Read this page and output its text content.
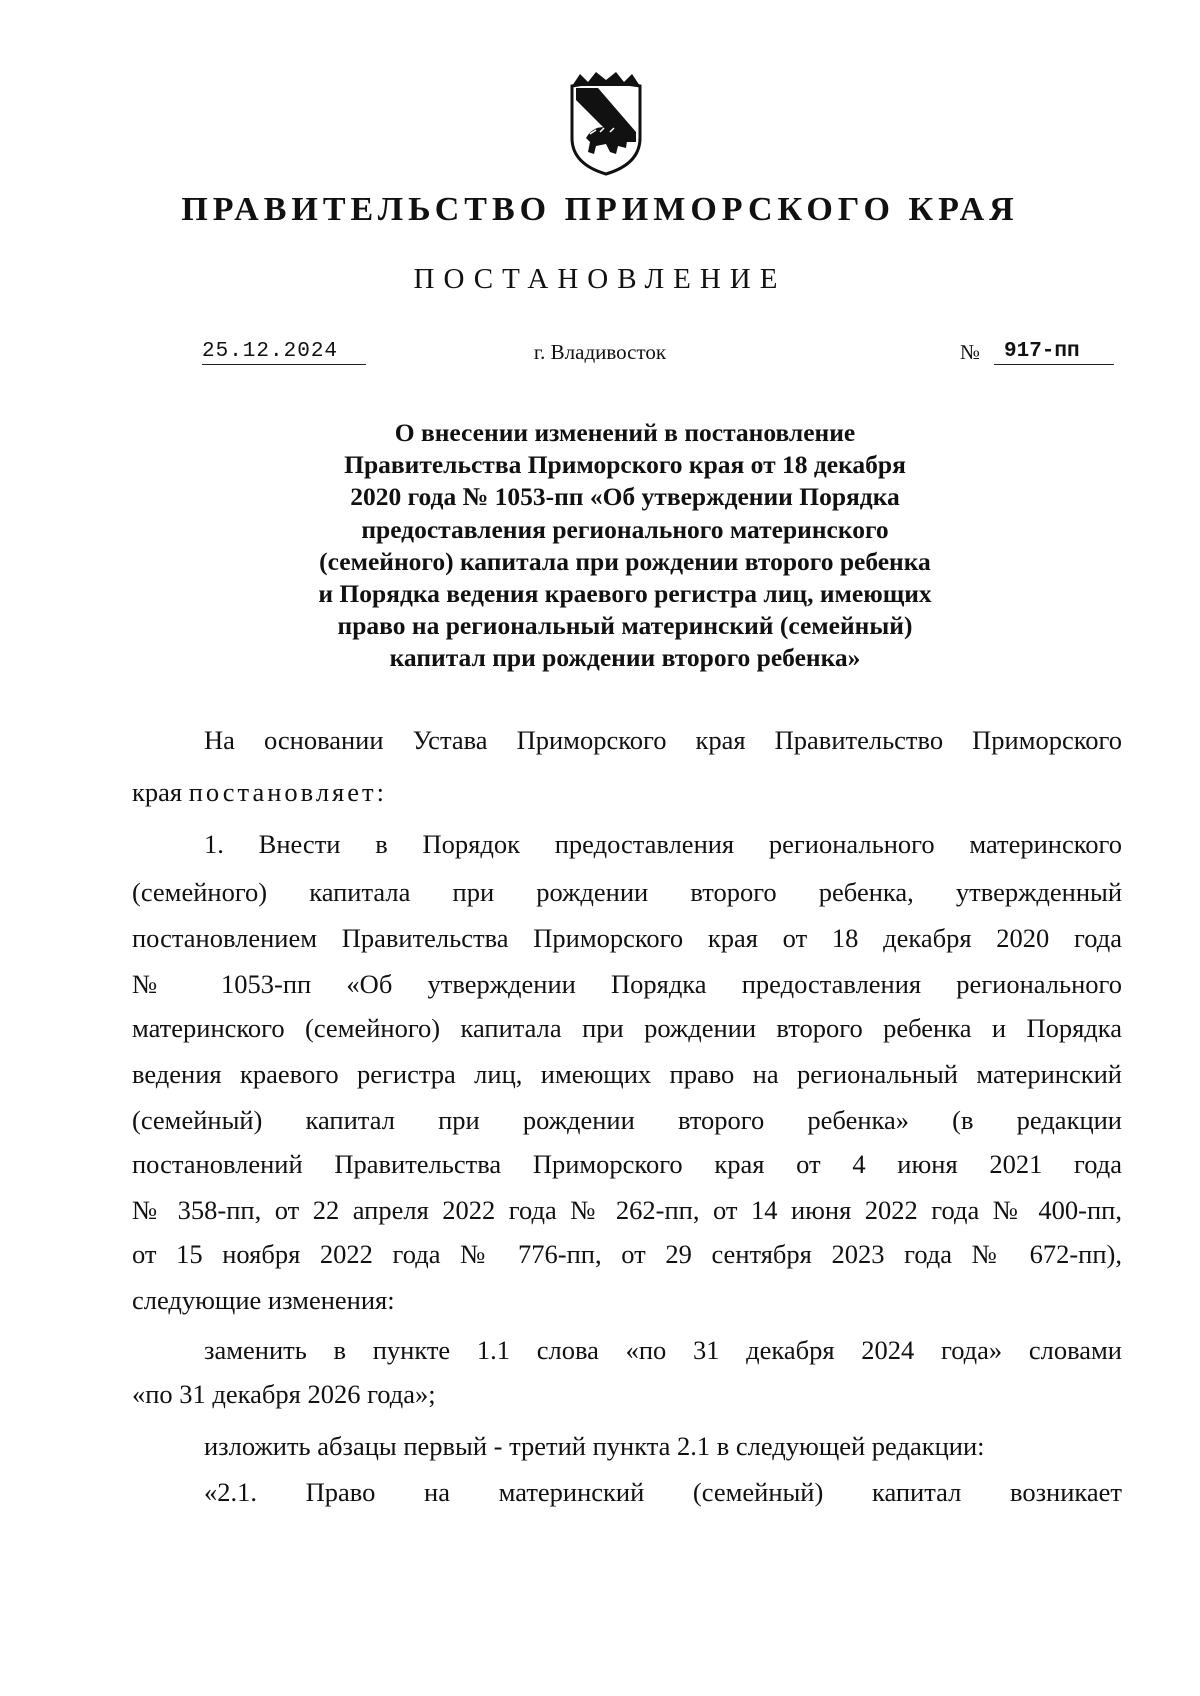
ПРАВИТЕЛЬСТВО ПРИМОРСКОГО КРАЯ
ПОСТАНОВЛЕНИЕ
25.12.2024	г. Владивосток	№	917-пп
О внесении изменений в постановление
Правительства Приморского края от 18 декабря
2020 года № 1053-пп «Об утверждении Порядка
предоставления регионального материнского
(семейного) капитала при рождении второго ребенка
и Порядка ведения краевого регистра лиц, имеющих
право на региональный материнский (семейный)
капитал при рождении второго ребенка»
На основании Устава Приморского края Правительство Приморского
края постановляет:
1. Внести в Порядок предоставления регионального материнского
(семейного) капитала при рождении второго ребенка, утвержденный
постановлением Правительства Приморского края от 18 декабря 2020 года
№ 1053-пп «Об утверждении Порядка предоставления регионального
материнского (семейного) капитала при рождении второго ребенка и Порядка
ведения краевого регистра лиц, имеющих право на региональный материнский
(семейный) капитал при рождении второго ребенка» (в редакции
постановлений Правительства Приморского края от 4 июня 2021 года
№ 358-пп, от 22 апреля 2022 года № 262-пп, от 14 июня 2022 года № 400-пп,
от 15 ноября 2022 года № 776-пп, от 29 сентября 2023 года № 672-пп),
следующие изменения:
заменить в пункте 1.1 слова «по 31 декабря 2024 года» словами
«по 31 декабря 2026 года»;
изложить абзацы первый - третий пункта 2.1 в следующей редакции:
«2.1. Право на материнский (семейный) капитал возникает
